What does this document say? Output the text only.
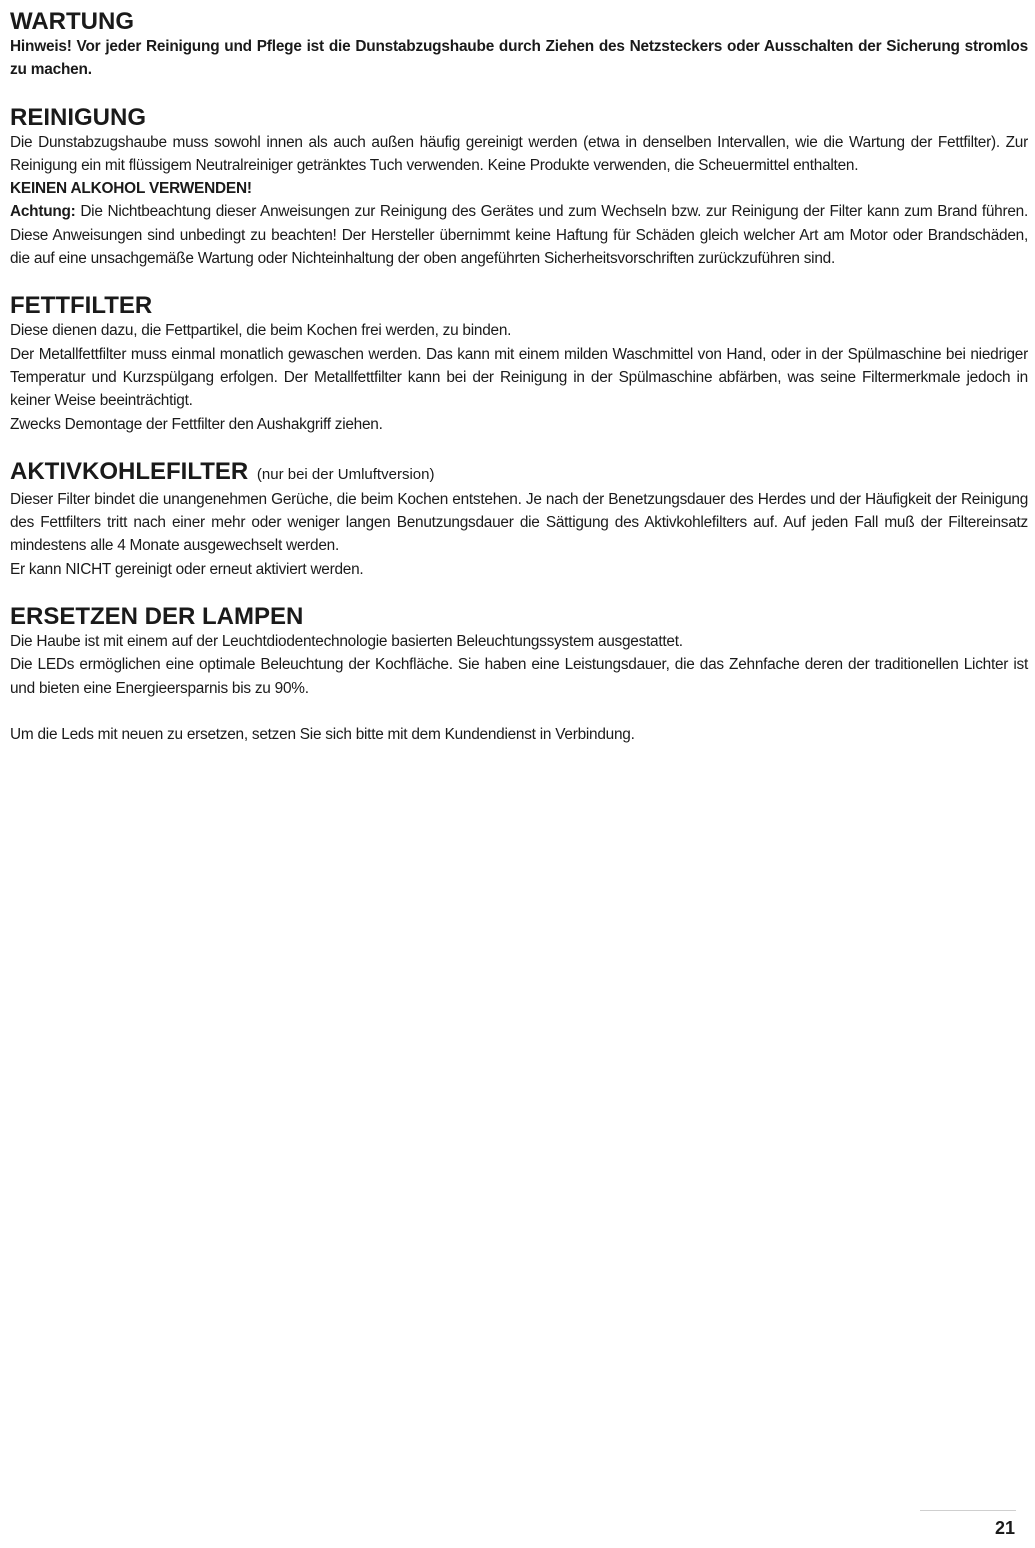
WARTUNG

Hinweis! Vor jeder Reinigung und Pflege ist die Dunstabzugshaube durch Ziehen des Netzsteckers oder Ausschalten der Sicherung stromlos zu machen.

REINIGUNG

Die Dunstabzugshaube muss sowohl innen als auch außen häufig gereinigt werden (etwa in denselben Intervallen, wie die Wartung der Fettfilter). Zur Reinigung ein mit flüssigem Neutralreiniger getränktes Tuch verwenden. Keine Produkte verwenden, die Scheuermittel enthalten.

KEINEN ALKOHOL VERWENDEN!

Achtung: Die Nichtbeachtung dieser Anweisungen zur Reinigung des Gerätes und zum Wechseln bzw. zur Reinigung der Filter kann zum Brand führen. Diese Anweisungen sind unbedingt zu beachten! Der Hersteller übernimmt keine Haftung für Schäden gleich welcher Art am Motor oder Brandschäden, die auf eine unsachgemäße Wartung oder Nichteinhaltung der oben angeführten Sicherheitsvorschriften zurückzuführen sind.

FETTFILTER

Diese dienen dazu, die Fettpartikel, die beim Kochen frei werden, zu binden.

Der Metallfettfilter muss einmal monatlich gewaschen werden. Das kann mit einem milden Waschmittel von Hand, oder in der Spülmaschine bei niedriger Temperatur und Kurzspülgang erfolgen. Der Metallfettfilter kann bei der Reinigung in der Spülmaschine abfärben, was seine Filtermerkmale jedoch in keiner Weise beeinträchtigt.

Zwecks Demontage der Fettfilter den Aushakgriff ziehen.

AKTIVKOHLEFILTER (nur bei der Umluftversion)

Dieser Filter bindet die unangenehmen Gerüche, die beim Kochen entstehen. Je nach der Benetzungsdauer des Herdes und der Häufigkeit der Reinigung des Fettfilters tritt nach einer mehr oder weniger langen Benutzungsdauer die Sättigung des Aktivkohlefilters auf. Auf jeden Fall muß der Filtereinsatz mindestens alle 4 Monate ausgewechselt werden.

Er kann NICHT gereinigt oder erneut aktiviert werden.

ERSETZEN DER LAMPEN

Die Haube ist mit einem auf der Leuchtdiodentechnologie basierten Beleuchtungssystem ausgestattet.

Die LEDs ermöglichen eine optimale Beleuchtung der Kochfläche. Sie haben eine Leistungsdauer, die das Zehnfache deren der traditionellen Lichter ist und bieten eine Energieersparnis bis zu 90%.

Um die Leds mit neuen zu ersetzen, setzen Sie sich bitte mit dem Kundendienst in Verbindung.

21
